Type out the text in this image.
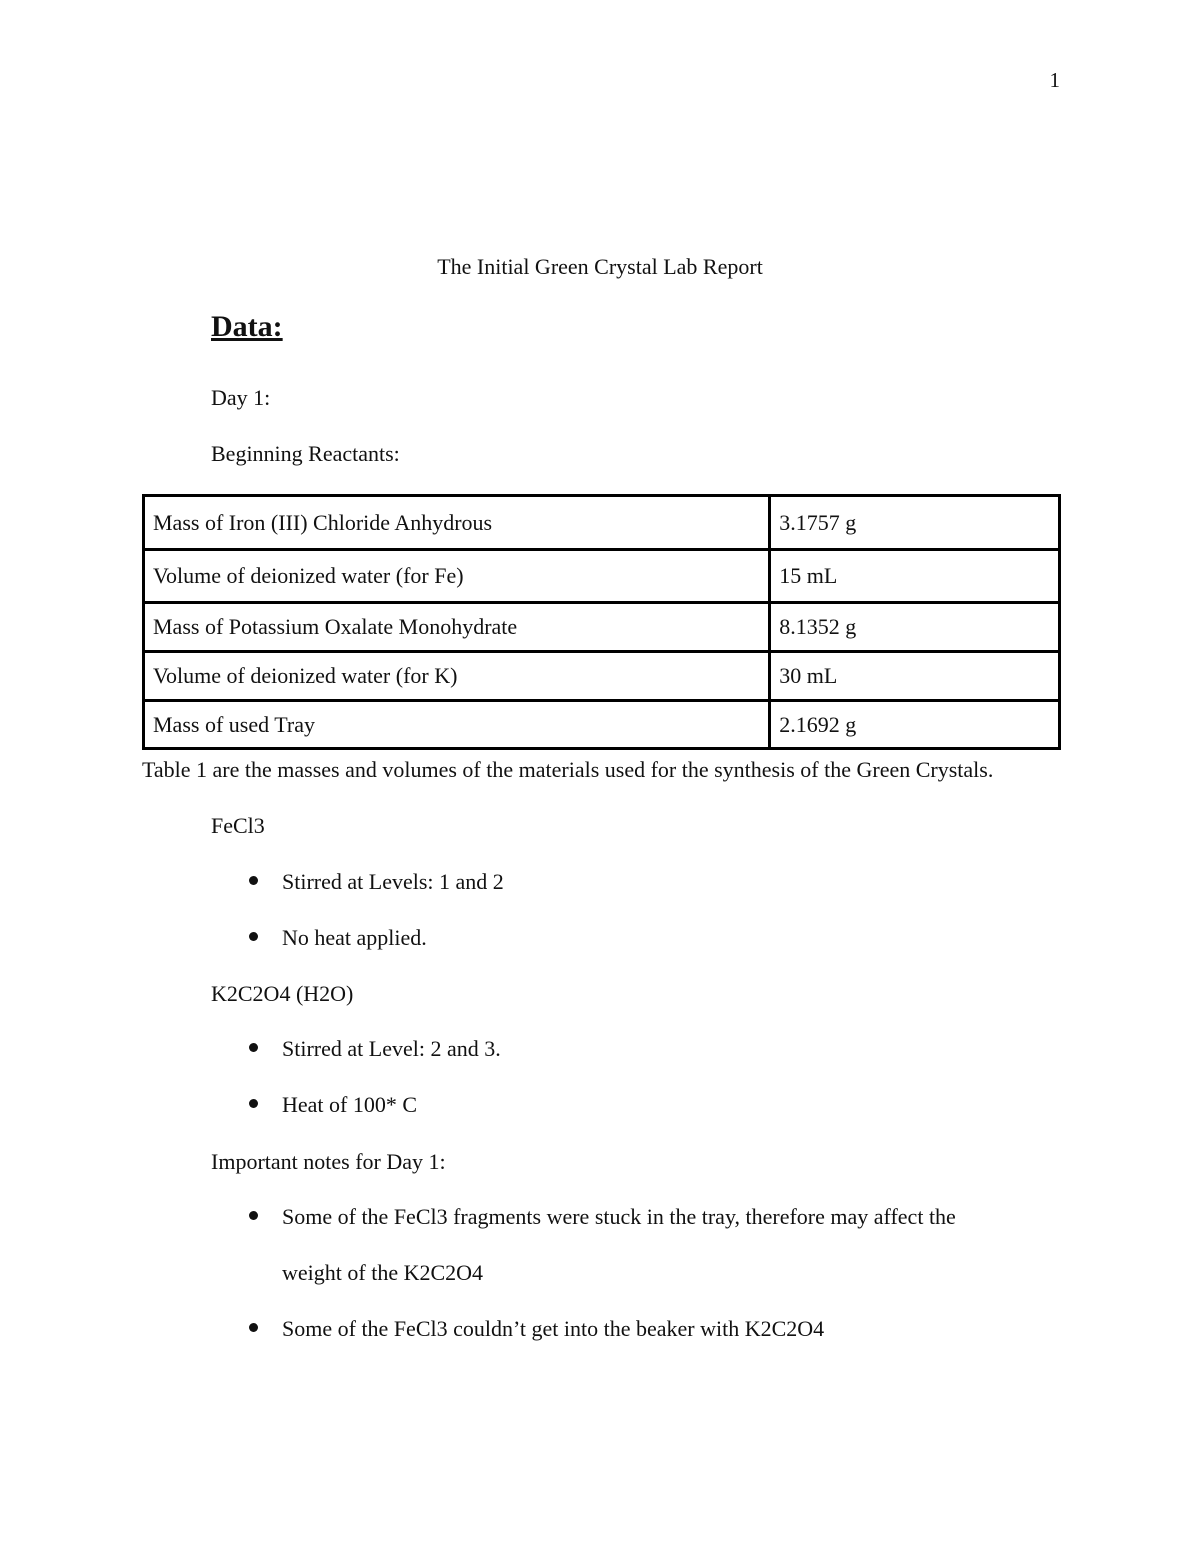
1
The Initial Green Crystal Lab Report
Data:
Day 1:
Beginning Reactants:
Mass of Iron (III) Chloride Anhydrous	3.1757 g
Volume of deionized water (for Fe)	15 mL
Mass of Potassium Oxalate Monohydrate	8.1352 g
Volume of deionized water (for K)	30 mL
Mass of used Tray	2.1692 g
Table 1 are the masses and volumes of the materials used for the synthesis of the Green Crystals.
FeCl3
Stirred at Levels: 1 and 2
No heat applied.
K2C2O4 (H2O)
Stirred at Level: 2 and 3.
Heat of 100* C
Important notes for Day 1:
Some of the FeCl3 fragments were stuck in the tray, therefore may affect the
weight of the K2C2O4
Some of the FeCl3 couldn’t get into the beaker with K2C2O4
